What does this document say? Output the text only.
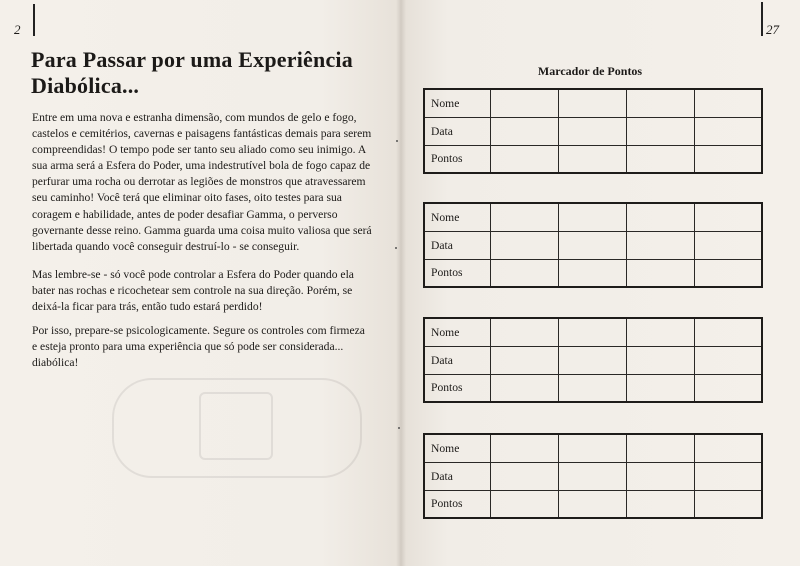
2	27
Para Passar por uma Experiência
Diabólica...
Entre em uma nova e estranha dimensão, com mundos de gelo e fogo, castelos e cemitérios, cavernas e paisagens fantásticas demais para serem compreendidas! O tempo pode ser tanto seu aliado como seu inimigo. A sua arma será a Esfera do Poder, uma indestrutível bola de fogo capaz de perfurar uma rocha ou derrotar as legiões de monstros que atravessarem seu caminho! Você terá que eliminar oito fases, oito testes para sua coragem e habilidade, antes de poder desafiar Gamma, o perverso governante desse reino. Gamma guarda uma coisa muito valiosa que será libertada quando você conseguir destruí-lo - se conseguir.
Mas lembre-se - só você pode controlar a Esfera do Poder quando ela bater nas rochas e ricochetear sem controle na sua direção. Porém, se deixá-la ficar para trás, então tudo estará perdido!
Por isso, prepare-se psicologicamente. Segure os controles com firmeza e esteja pronto para uma experiência que só pode ser considerada... diabólica!
Marcador de Pontos
Nome				
Data				
Pontos				
Nome				
Data				
Pontos				
Nome				
Data				
Pontos				
Nome				
Data				
Pontos				
